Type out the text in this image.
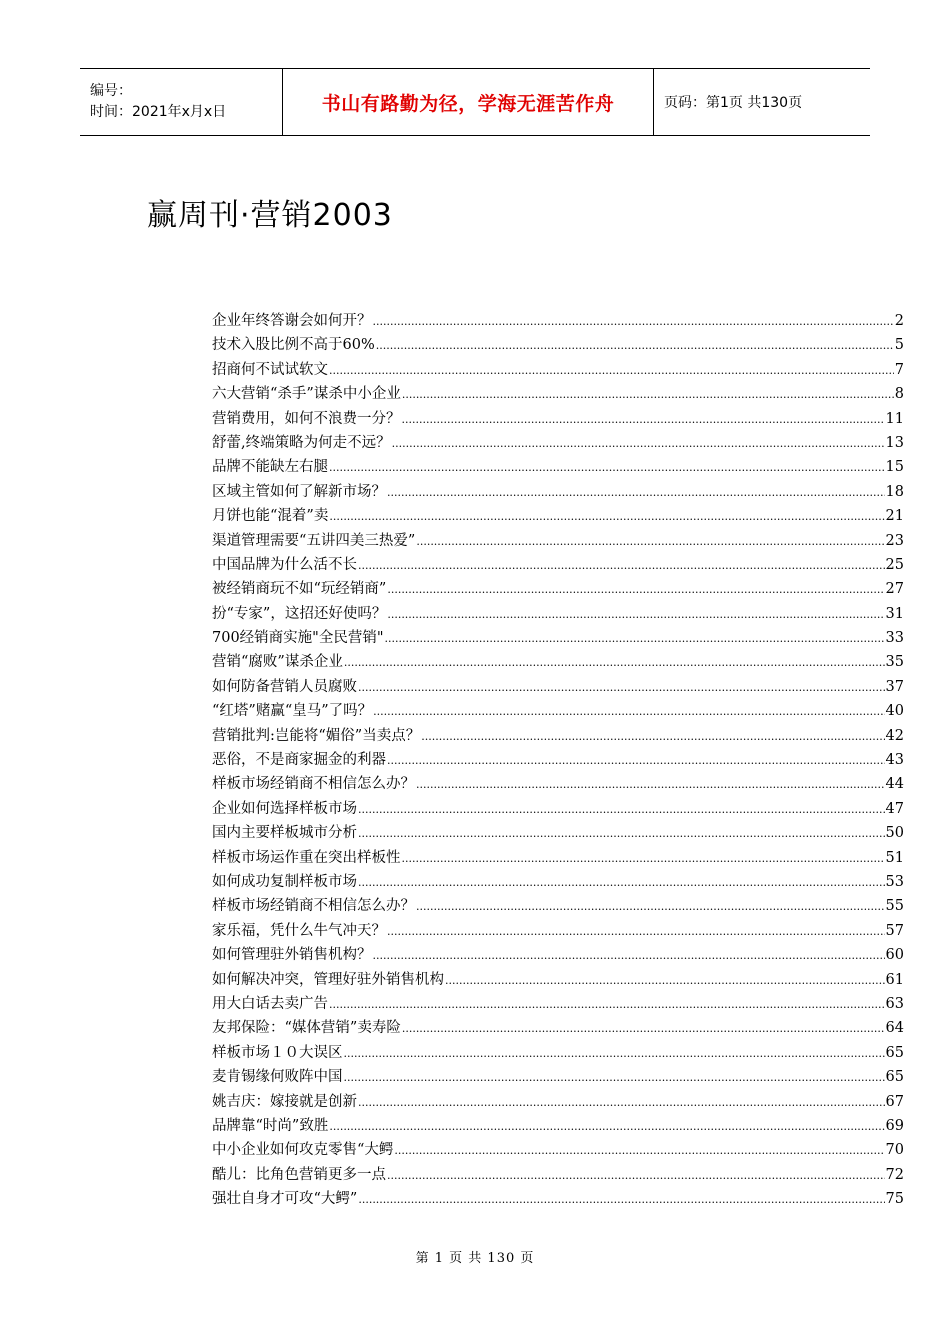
编号：
时间：2021年x月x日	书山有路勤为径，学海无涯苦作舟	页码：第1页 共130页
赢周刊·营销2003
企业年终答谢会如何开？ .....	2
技术入股比例不高于60% .....	5
招商何不试试软文 .....	7
六大营销“杀手”谋杀中小企业 .....	8
营销费用，如何不浪费一分？ .....	11
舒蕾,终端策略为何走不远？ .....	13
品牌不能缺左右腿 .....	15
区域主管如何了解新市场？ .....	18
月饼也能“混着”卖 .....	21
渠道管理需要“五讲四美三热爱” .....	23
中国品牌为什么活不长 .....	25
被经销商玩不如“玩经销商” .....	27
扮“专家”，这招还好使吗？ .....	31
700经销商实施"全民营销" .....	33
营销“腐败”谋杀企业 .....	35
如何防备营销人员腐败 .....	37
“红塔”赌赢“皇马”了吗？ .....	40
营销批判:岂能将“媚俗”当卖点？ .....	42
恶俗，不是商家掘金的利器 .....	43
样板市场经销商不相信怎么办？ .....	44
企业如何选择样板市场 .....	47
国内主要样板城市分析 .....	50
样板市场运作重在突出样板性 .....	51
如何成功复制样板市场 .....	53
样板市场经销商不相信怎么办？ .....	55
家乐福，凭什么牛气冲天？ .....	57
如何管理驻外销售机构？ .....	60
如何解决冲突，管理好驻外销售机构 .....	61
用大白话去卖广告 .....	63
友邦保险：“媒体营销”卖寿险 .....	64
样板市场１０大误区 .....	65
麦肯锡缘何败阵中国 .....	65
姚吉庆：嫁接就是创新 .....	67
品牌靠“时尚”致胜 .....	69
中小企业如何攻克零售“大鳄 .....	70
酷儿：比角色营销更多一点 .....	72
强壮自身才可攻“大鳄” .....	75
第 1 页 共 130 页
